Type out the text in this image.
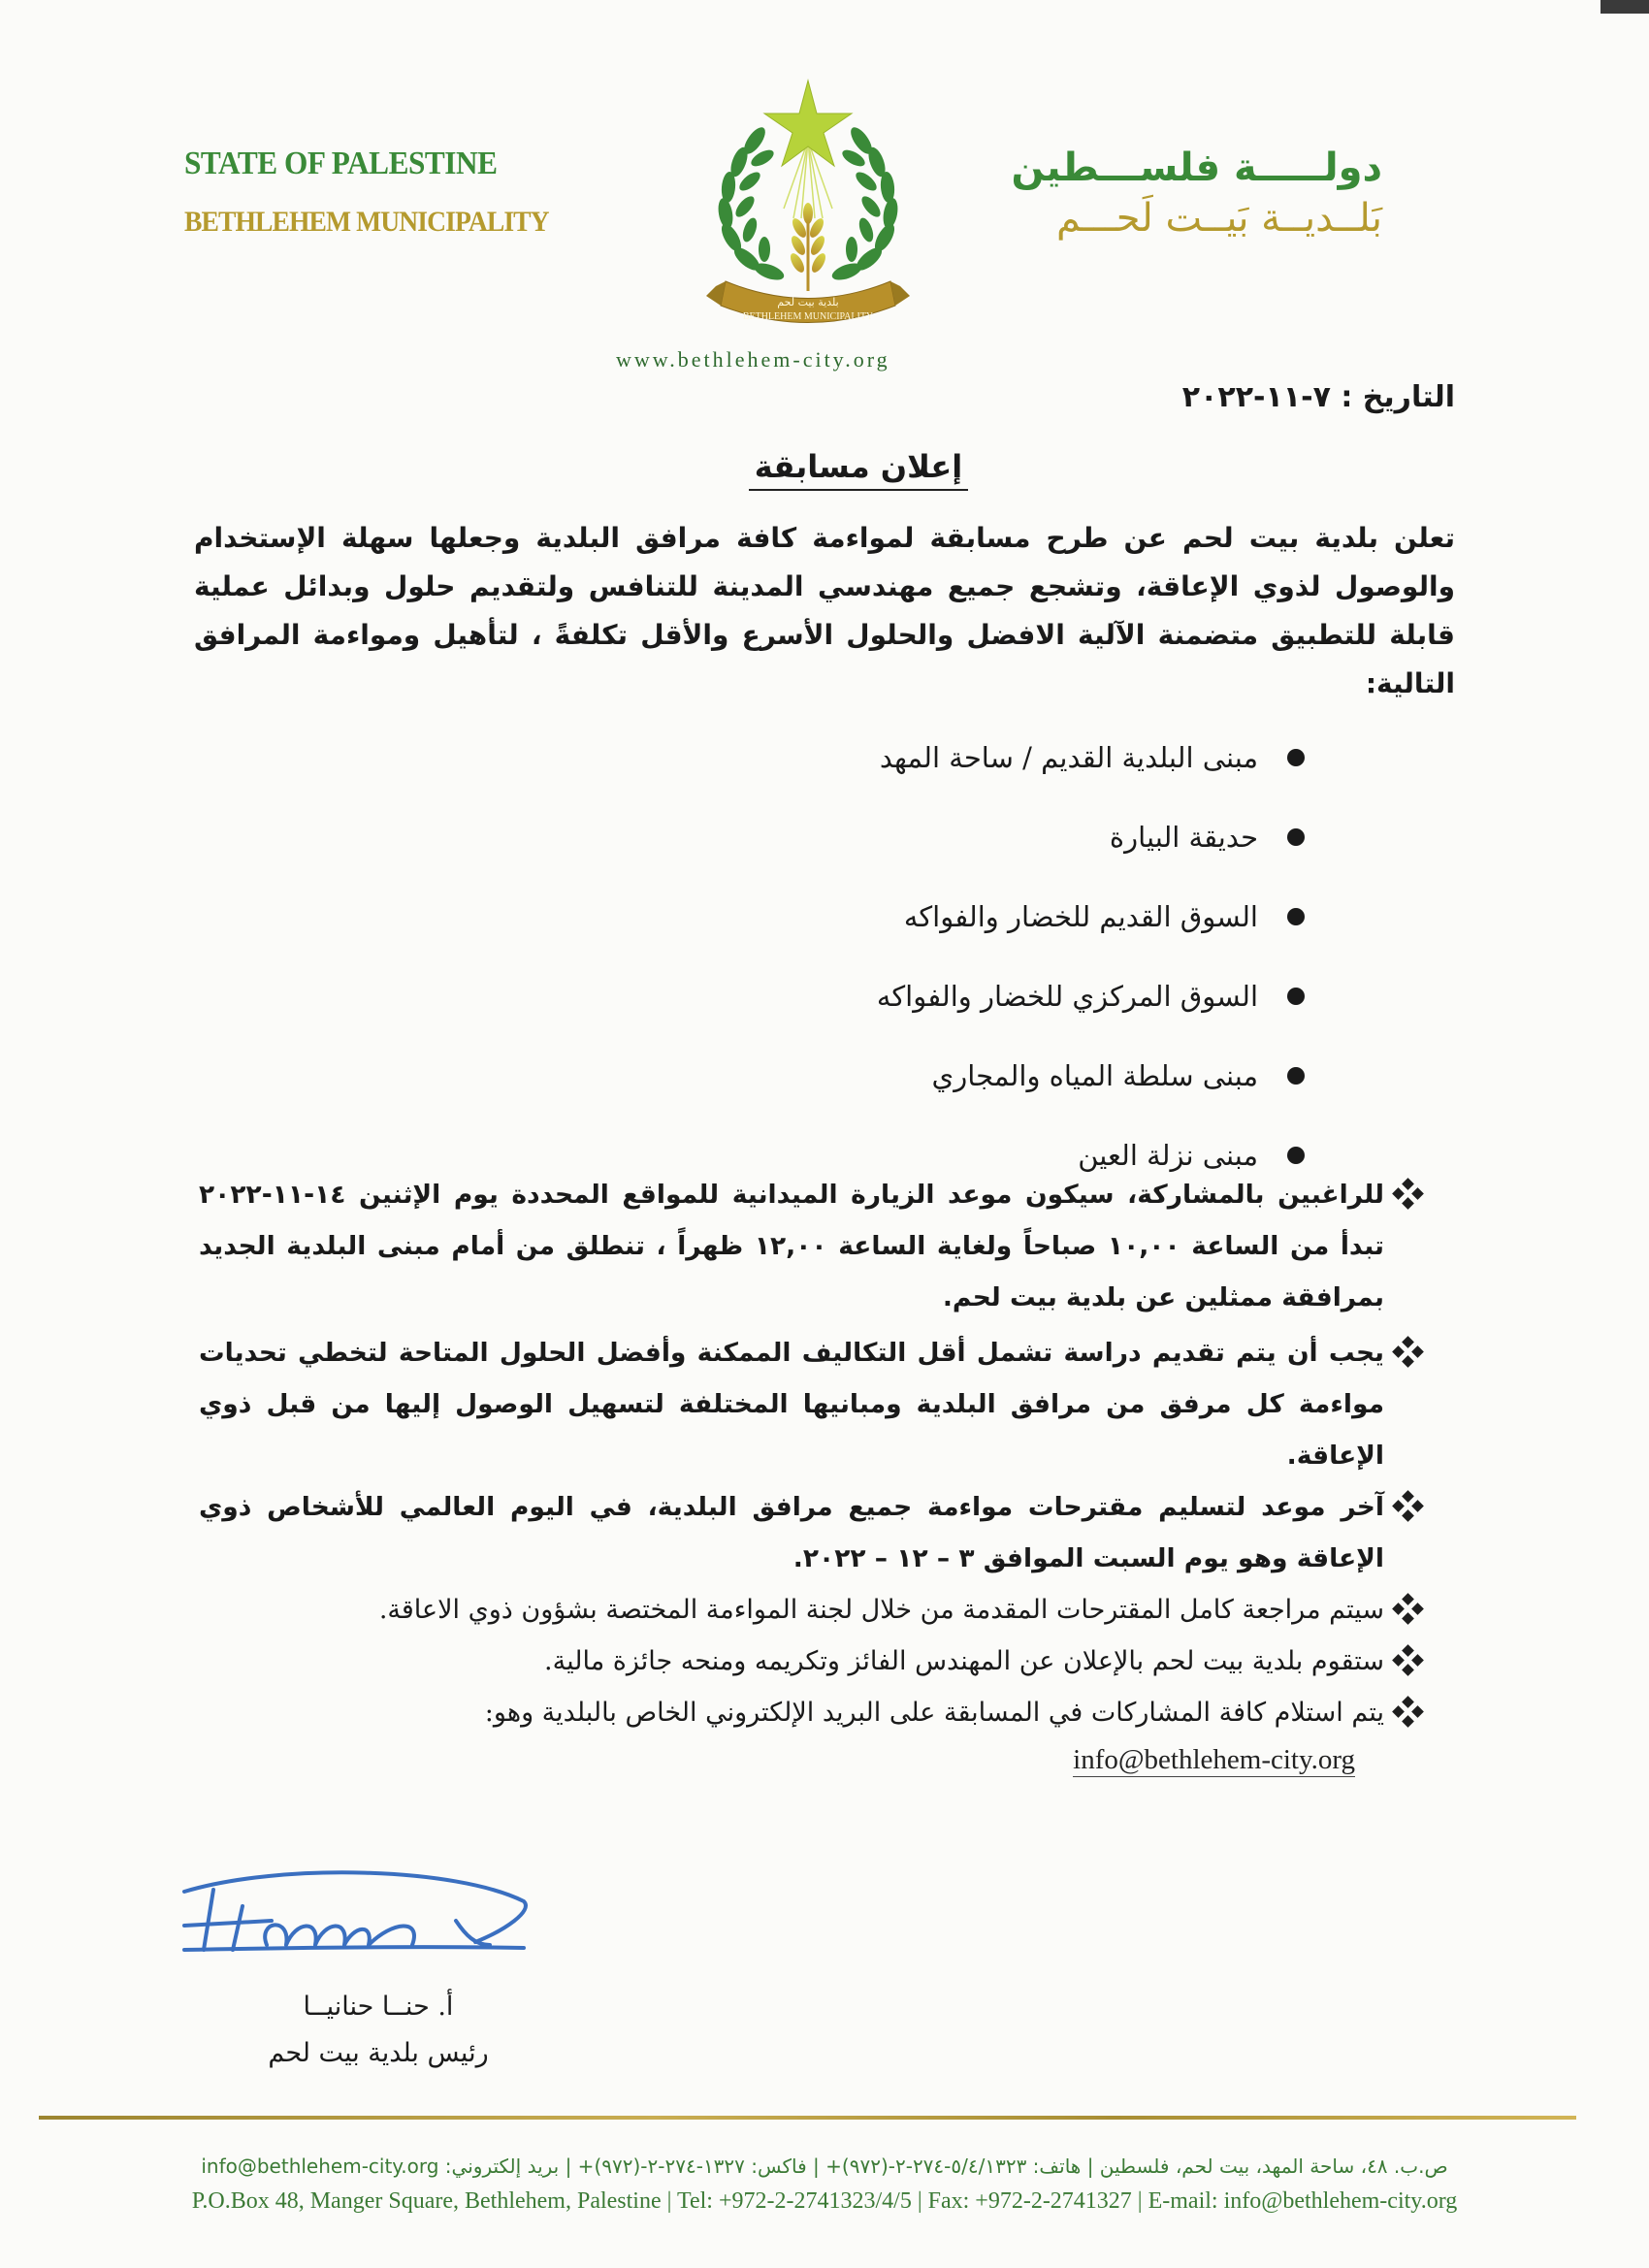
STATE OF PALESTINE
BETHLEHEM MUNICIPALITY
بلدية بيت لحم
BETHLEHEM MUNICIPALITY
دولـــــة فلســـطين
بَلــديــة بَيــت لَحـــم
www.bethlehem-city.org
التاريخ : ٧-١١-٢٠٢٢
إعلان مسابقة
تعلن بلدية بيت لحم عن طرح مسابقة لمواءمة كافة مرافق البلدية وجعلها سهلة الإستخدام والوصول لذوي الإعاقة، وتشجع جميع مهندسي المدينة للتنافس ولتقديم حلول وبدائل عملية قابلة للتطبيق متضمنة الآلية الافضل والحلول الأسرع والأقل تكلفةً ، لتأهيل ومواءمة المرافق التالية:
مبنى البلدية القديم / ساحة المهد
حديقة البيارة
السوق القديم للخضار والفواكه
السوق المركزي للخضار والفواكه
مبنى سلطة المياه والمجاري
مبنى نزلة العين
للراغبين بالمشاركة، سيكون موعد الزيارة الميدانية للمواقع المحددة يوم الإثنين ١٤-١١-٢٠٢٢ تبدأ من الساعة ١٠,٠٠ صباحاً ولغاية الساعة ١٢,٠٠ ظهراً ، تنطلق من أمام مبنى البلدية الجديد بمرافقة ممثلين عن بلدية بيت لحم.
يجب أن يتم تقديم دراسة تشمل أقل التكاليف الممكنة وأفضل الحلول المتاحة لتخطي تحديات مواءمة كل مرفق من مرافق البلدية ومبانيها المختلفة لتسهيل الوصول إليها من قبل ذوي الإعاقة.
آخر موعد لتسليم مقترحات مواءمة جميع مرافق البلدية، في اليوم العالمي للأشخاص ذوي الإعاقة وهو يوم السبت الموافق ٣ – ١٢ – ٢٠٢٢.
سيتم مراجعة كامل المقترحات المقدمة من خلال لجنة المواءمة المختصة بشؤون ذوي الاعاقة.
ستقوم بلدية بيت لحم بالإعلان عن المهندس الفائز وتكريمه ومنحه جائزة مالية.
يتم استلام كافة المشاركات في المسابقة على البريد الإلكتروني الخاص بالبلدية وهو:
info@bethlehem-city.org
Hanna
أ. حنــا حنانيــا
رئيس بلدية بيت لحم
ص.ب. ٤٨، ساحة المهد، بيت لحم، فلسطين | هاتف: ٥/٤/١٣٢٣-٢٧٤-٢-(٩٧٢)+ | فاكس: ١٣٢٧-٢٧٤-٢-(٩٧٢)+ | بريد إلكتروني: info@bethlehem-city.org
P.O.Box 48, Manger Square, Bethlehem, Palestine | Tel: +972-2-2741323/4/5 | Fax: +972-2-2741327 | E-mail: info@bethlehem-city.org
